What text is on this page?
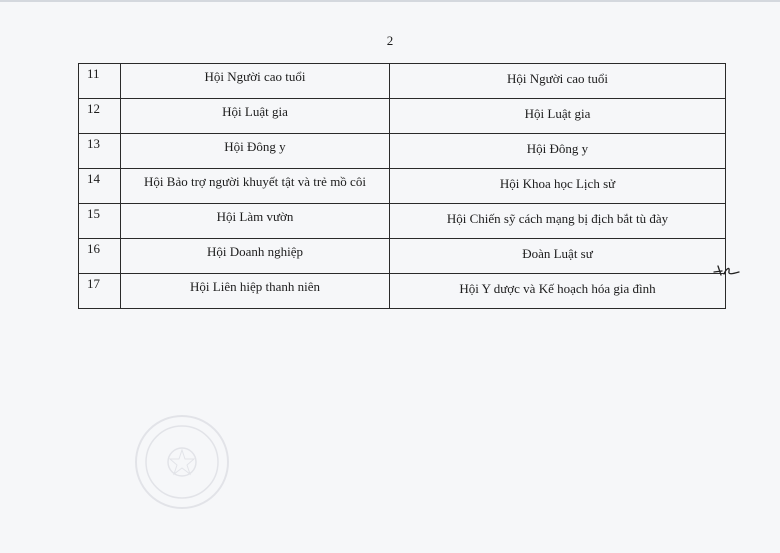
2
11	Hội Người cao tuổi	Hội Người cao tuổi
12	Hội Luật gia	Hội Luật gia
13	Hội Đông y	Hội Đông y
14	Hội Bảo trợ người khuyết tật và trẻ mồ côi	Hội Khoa học Lịch sử
15	Hội Làm vườn	Hội Chiến sỹ cách mạng bị địch bắt tù đày
16	Hội Doanh nghiệp	Đoàn Luật sư
17	Hội Liên hiệp thanh niên	Hội Y dược và Kế hoạch hóa gia đình
